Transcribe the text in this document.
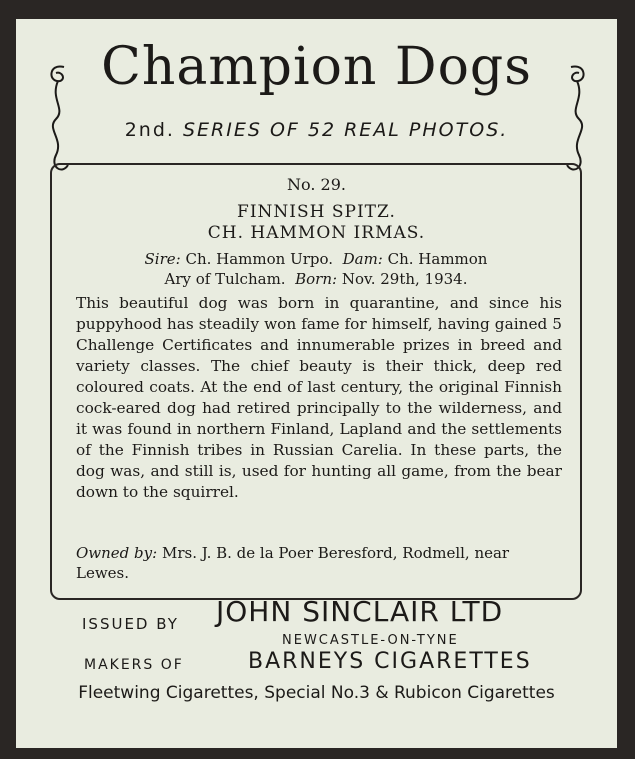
Champion Dogs
2nd. SERIES OF 52 REAL PHOTOS.
No. 29.
FINNISH SPITZ.
CH. HAMMON IRMAS.
Sire: Ch. Hammon Urpo. Dam: Ch. Hammon
Ary of Tulcham. Born: Nov. 29th, 1934.
This beautiful dog was born in quarantine, and since his puppyhood has steadily won fame for himself, having gained 5 Challenge Certificates and innumerable prizes in breed and variety classes. The chief beauty is their thick, deep red coloured coats. At the end of last century, the original Finnish cock-eared dog had retired principally to the wilderness, and it was found in northern Finland, Lapland and the settlements of the Finnish tribes in Russian Carelia. In these parts, the dog was, and still is, used for hunting all game, from the bear down to the squirrel.
Owned by: Mrs. J. B. de la Poer Beresford, Rodmell, near Lewes.
ISSUED BY JOHN SINCLAIR LTD
NEWCASTLE-ON-TYNE
MAKERS OF	BARNEYS CIGARETTES
Fleetwing Cigarettes, Special No.3 & Rubicon Cigarettes
